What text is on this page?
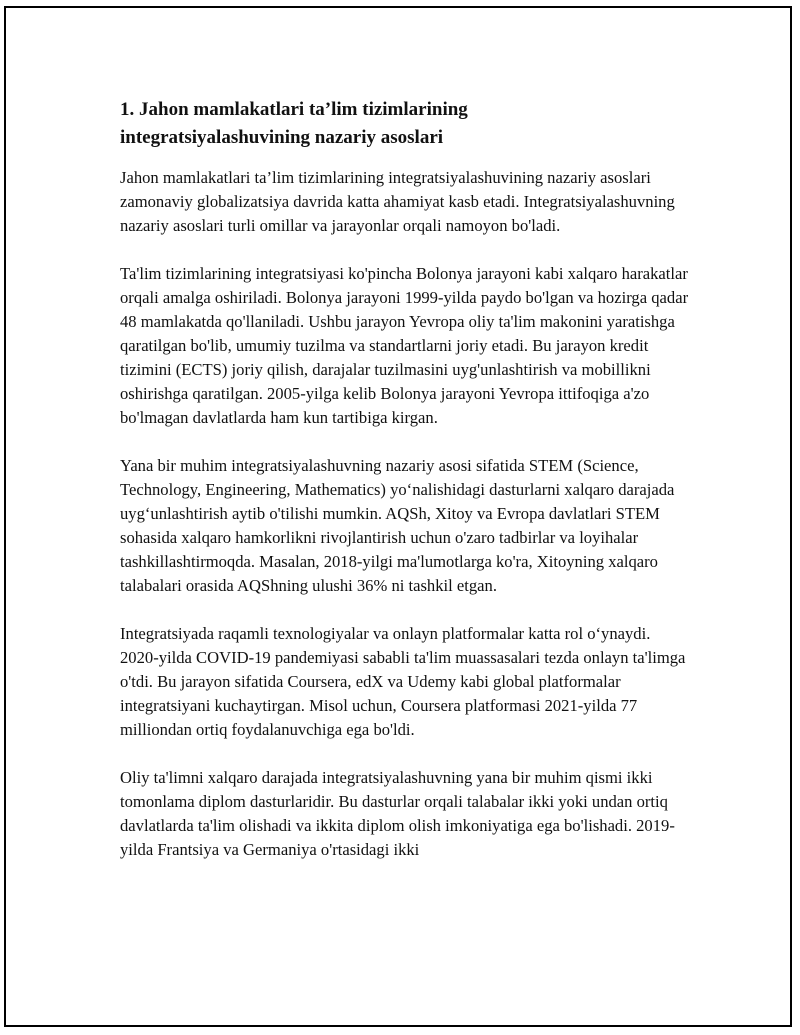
1. Jahon mamlakatlari ta’lim tizimlarining
integratsiyalashuvining nazariy asoslari

Jahon mamlakatlari ta’lim tizimlarining integratsiyalashuvining nazariy asoslari zamonaviy globalizatsiya davrida katta ahamiyat kasb etadi. Integratsiyalashuvning nazariy asoslari turli omillar va jarayonlar orqali namoyon bo'ladi.

Ta'lim tizimlarining integratsiyasi ko'pincha Bolonya jarayoni kabi xalqaro harakatlar orqali amalga oshiriladi. Bolonya jarayoni 1999-yilda paydo bo'lgan va hozirga qadar 48 mamlakatda qo'llaniladi. Ushbu jarayon Yevropa oliy ta'lim makonini yaratishga qaratilgan bo'lib, umumiy tuzilma va standartlarni joriy etadi. Bu jarayon kredit tizimini (ECTS) joriy qilish, darajalar tuzilmasini uyg'unlashtirish va mobillikni oshirishga qaratilgan. 2005-yilga kelib Bolonya jarayoni Yevropa ittifoqiga a'zo bo'lmagan davlatlarda ham kun tartibiga kirgan.

Yana bir muhim integratsiyalashuvning nazariy asosi sifatida STEM (Science, Technology, Engineering, Mathematics) yo‘nalishidagi dasturlarni xalqaro darajada uyg‘unlashtirish aytib o'tilishi mumkin. AQSh, Xitoy va Evropa davlatlari STEM sohasida xalqaro hamkorlikni rivojlantirish uchun o'zaro tadbirlar va loyihalar tashkillashtirmoqda. Masalan, 2018-yilgi ma'lumotlarga ko'ra, Xitoyning xalqaro talabalari orasida AQShning ulushi 36% ni tashkil etgan.

Integratsiyada raqamli texnologiyalar va onlayn platformalar katta rol o‘ynaydi. 2020-yilda COVID-19 pandemiyasi sababli ta'lim muassasalari tezda onlayn ta'limga o'tdi. Bu jarayon sifatida Coursera, edX va Udemy kabi global platformalar integratsiyani kuchaytirgan. Misol uchun, Coursera platformasi 2021-yilda 77 milliondan ortiq foydalanuvchiga ega bo'ldi.

Oliy ta'limni xalqaro darajada integratsiyalashuvning yana bir muhim qismi ikki tomonlama diplom dasturlaridir. Bu dasturlar orqali talabalar ikki yoki undan ortiq davlatlarda ta'lim olishadi va ikkita diplom olish imkoniyatiga ega bo'lishadi. 2019-yilda Frantsiya va Germaniya o'rtasidagi ikki
